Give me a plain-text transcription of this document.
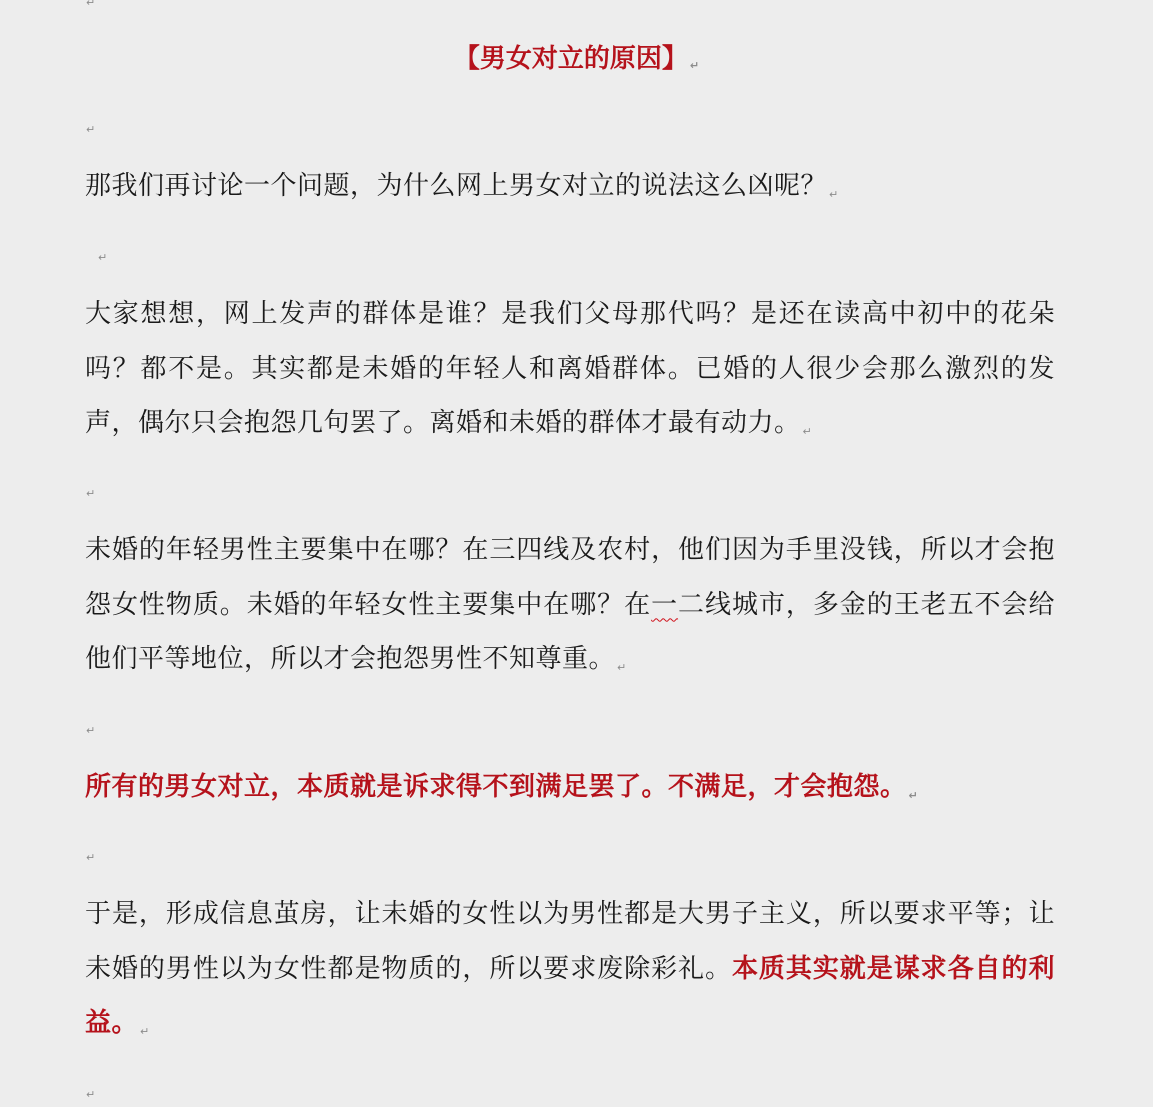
↵
【男女对立的原因】 ↵
↵
那我们再讨论一个问题，为什么网上男女对立的说法这么凶呢？ ↵
↵
大家想想，网上发声的群体是谁？是我们父母那代吗？是还在读高中初中的花朵吗？都不是。其实都是未婚的年轻人和离婚群体。已婚的人很少会那么激烈的发声，偶尔只会抱怨几句罢了。离婚和未婚的群体才最有动力。 ↵
↵
未婚的年轻男性主要集中在哪？在三四线及农村，他们因为手里没钱，所以才会抱怨女性物质。未婚的年轻女性主要集中在哪？在一二线城市，多金的王老五不会给他们平等地位，所以才会抱怨男性不知尊重。 ↵
↵
所有的男女对立，本质就是诉求得不到满足罢了。不满足，才会抱怨。 ↵
↵
于是，形成信息茧房，让未婚的女性以为男性都是大男子主义，所以要求平等；让未婚的男性以为女性都是物质的，所以要求废除彩礼。本质其实就是谋求各自的利益。 ↵
↵
